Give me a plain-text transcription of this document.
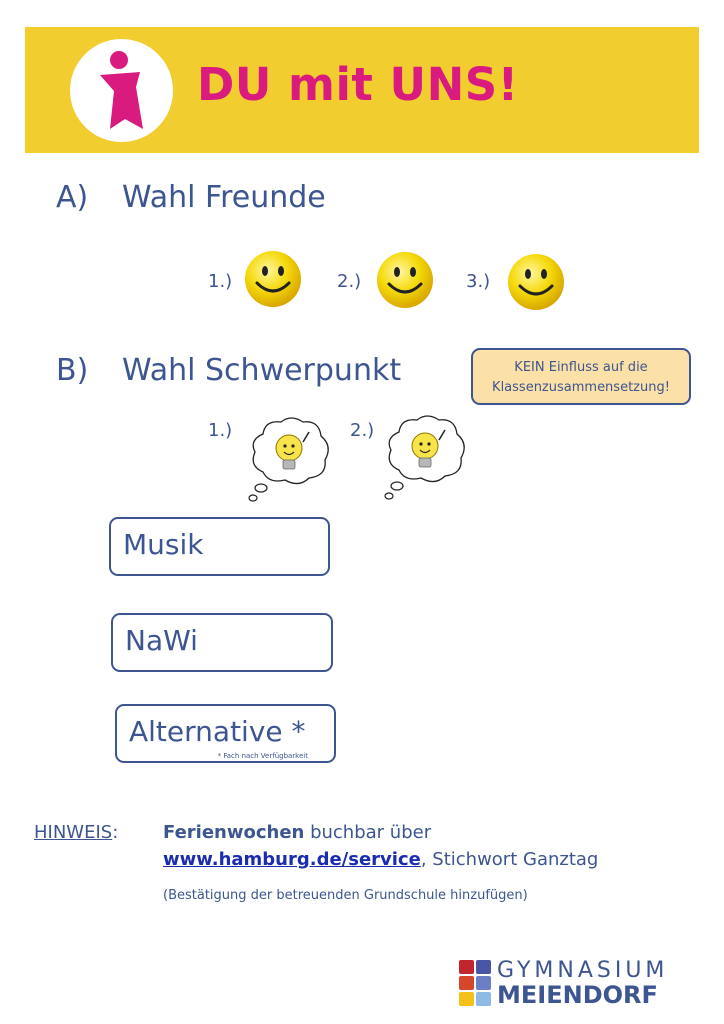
DU mit UNS!
A) Wahl Freunde
1.)	2.)	3.)
B) Wahl Schwerpunkt	KEIN Einfluss auf die
Klassenzusammensetzung!
1.)	2.)
Musik
NaWi
Alternative *
* Fach nach Verfügbarkeit
HINWEIS: Ferienwochen buchbar über
www.hamburg.de/service, Stichwort Ganztag
(Bestätigung der betreuenden Grundschule hinzufügen)
GYMNASIUM
MEIENDORF
